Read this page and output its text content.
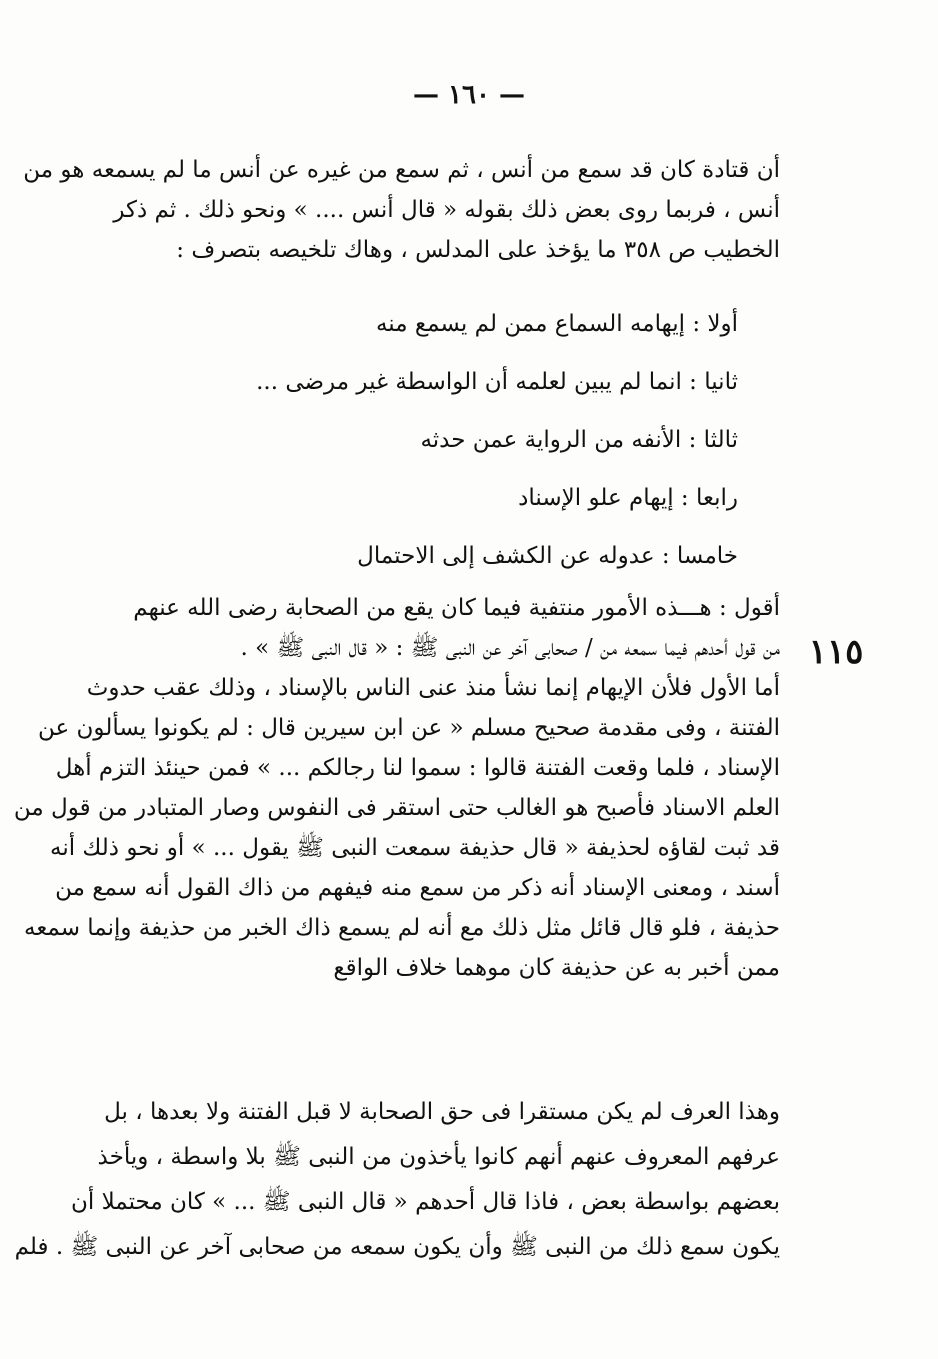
— ١٦٠ —
أن قتادة كان قد سمع من أنس ، ثم سمع من غيره عن أنس ما لم يسمعه هو من
أنس ، فربما روى بعض ذلك بقوله « قال أنس .... » ونحو ذلك . ثم ذكر
الخطيب ص ٣٥٨ ما يؤخذ على المدلس ، وهاك تلخيصه بتصرف :
أولا : إيهامه السماع ممن لم يسمع منه
ثانيا : انما لم يبين لعلمه أن الواسطة غير مرضى ...
ثالثا : الأنفه من الرواية عمن حدثه
رابعا : إيهام علو الإسناد
خامسا : عدوله عن الكشف إلى الاحتمال
١١٥
أقول : هـــذه الأمور منتفية فيما كان يقع من الصحابة رضى الله عنهم
من قول أحدهم فيما سمعه من / صحابى آخر عن النبى ﷺ : « قال النبى ﷺ » .
أما الأول فلأن الإيهام إنما نشأ منذ عنى الناس بالإسناد ، وذلك عقب حدوث
الفتنة ، وفى مقدمة صحيح مسلم « عن ابن سيرين قال : لم يكونوا يسألون عن
الإسناد ، فلما وقعت الفتنة قالوا : سموا لنا رجالكم ... » فمن حينئذ التزم أهل
العلم الاسناد فأصبح هو الغالب حتى استقر فى النفوس وصار المتبادر من قول من
قد ثبت لقاؤه لحذيفة « قال حذيفة سمعت النبى ﷺ يقول ... » أو نحو ذلك أنه
أسند ، ومعنى الإسناد أنه ذكر من سمع منه فيفهم من ذاك القول أنه سمع من
حذيفة ، فلو قال قائل مثل ذلك مع أنه لم يسمع ذاك الخبر من حذيفة وإنما سمعه
ممن أخبر به عن حذيفة كان موهما خلاف الواقع
وهذا العرف لم يكن مستقرا فى حق الصحابة لا قبل الفتنة ولا بعدها ، بل
عرفهم المعروف عنهم أنهم كانوا يأخذون من النبى ﷺ بلا واسطة ، ويأخذ
بعضهم بواسطة بعض ، فاذا قال أحدهم « قال النبى ﷺ ... » كان محتملا أن
يكون سمع ذلك من النبى ﷺ وأن يكون سمعه من صحابى آخر عن النبى ﷺ . فلم
